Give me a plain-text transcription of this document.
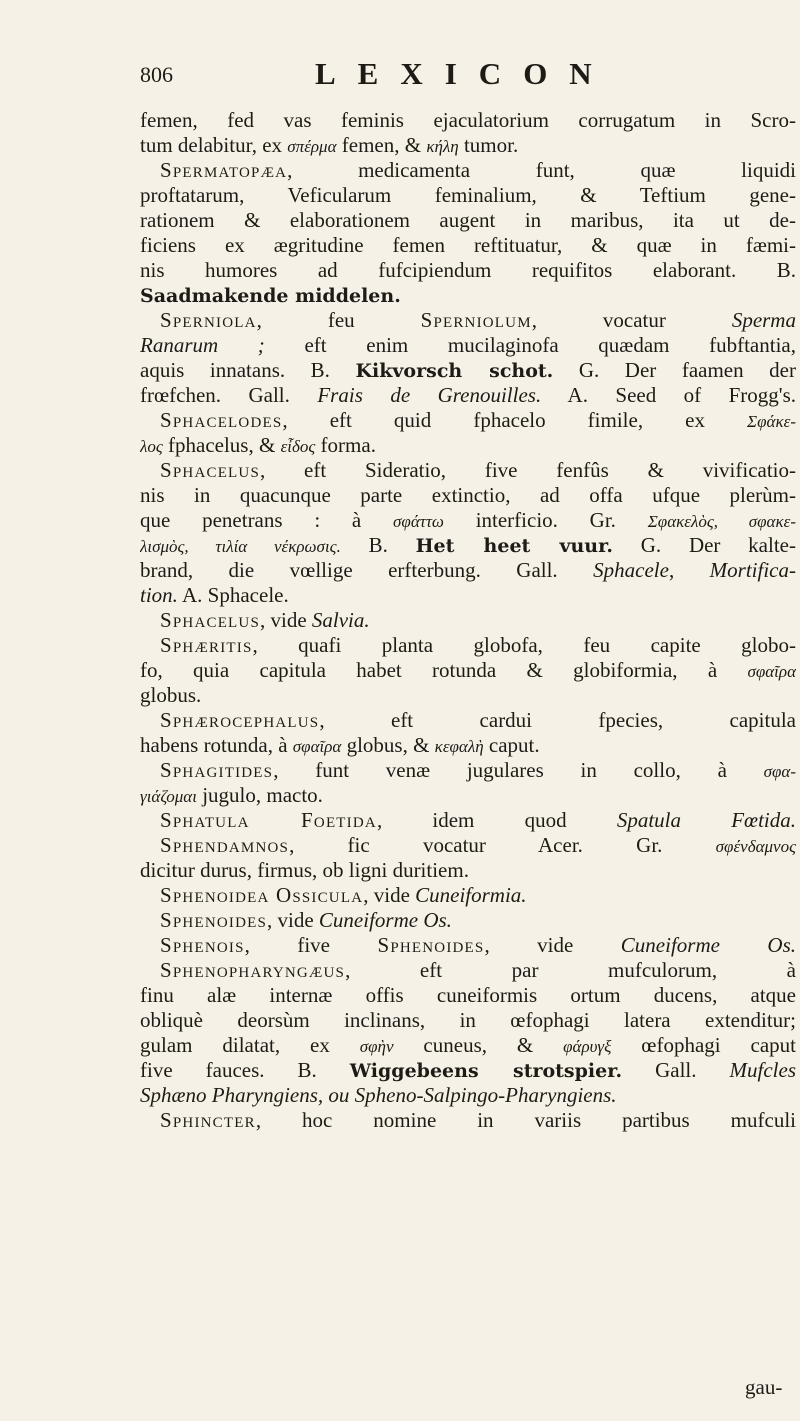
806	LEXICON
femen, fed vas feminis ejaculatorium corrugatum in Scro-
tum delabitur, ex σπέρμα femen, & κήλη tumor.
Spermatopæa, medicamenta funt, quæ liquidi
proftatarum, Veficularum feminalium, & Teftium gene-
rationem & elaborationem augent in maribus, ita ut de-
ficiens ex ægritudine femen reftituatur, & quæ in fæmi-
nis humores ad fufcipiendum requifitos elaborant. B.
Saadmakende middelen.
Sperniola, feu Sperniolum, vocatur Sperma
Ranarum ; eft enim mucilaginofa quædam fubftantia,
aquis innatans. B. Kikvorsch schot. G. Der faamen der
frœfchen. Gall. Frais de Grenouilles. A. Seed of Frogg's.
Sphacelodes, eft quid fphacelo fimile, ex Σφάκε-
λος fphacelus, & εἶδος forma.
Sphacelus, eft Sideratio, five fenfûs & vivificatio-
nis in quacunque parte extinctio, ad offa ufque plerùm-
que penetrans : à σφάττω interficio. Gr. Σφακελὸς, σφακε-
λισμὸς, τιλία νέκρωσις. B. Het heet vuur. G. Der kalte-
brand, die vœllige erfterbung. Gall. Sphacele, Mortifica-
tion. A. Sphacele.
Sphacelus, vide Salvia.
Sphæritis, quafi planta globofa, feu capite globo-
fo, quia capitula habet rotunda & globiformia, à σφαῖρα
globus.
Sphærocephalus, eft cardui fpecies, capitula
habens rotunda, à σφαῖρα globus, & κεφαλὴ caput.
Sphagitides, funt venæ jugulares in collo, à σφα-
γιάζομαι jugulo, macto.
Sphatula Foetida, idem quod Spatula Fœtida.
Sphendamnos, fic vocatur Acer. Gr. σφένδαμνος
dicitur durus, firmus, ob ligni duritiem.
Sphenoidea Ossicula, vide Cuneiformia.
Sphenoides, vide Cuneiforme Os.
Sphenois, five Sphenoides, vide Cuneiforme Os.
Sphenopharyngæus, eft par mufculorum, à
finu alæ internæ offis cuneiformis ortum ducens, atque
obliquè deorsùm inclinans, in œfophagi latera extenditur;
gulam dilatat, ex σφὴν cuneus, & φάρυγξ œfophagi caput
five fauces. B. Wiggebeens strotspier. Gall. Mufcles
Sphæno Pharyngiens, ou Spheno-Salpingo-Pharyngiens.
Sphincter, hoc nomine in variis partibus mufculi
gau-
